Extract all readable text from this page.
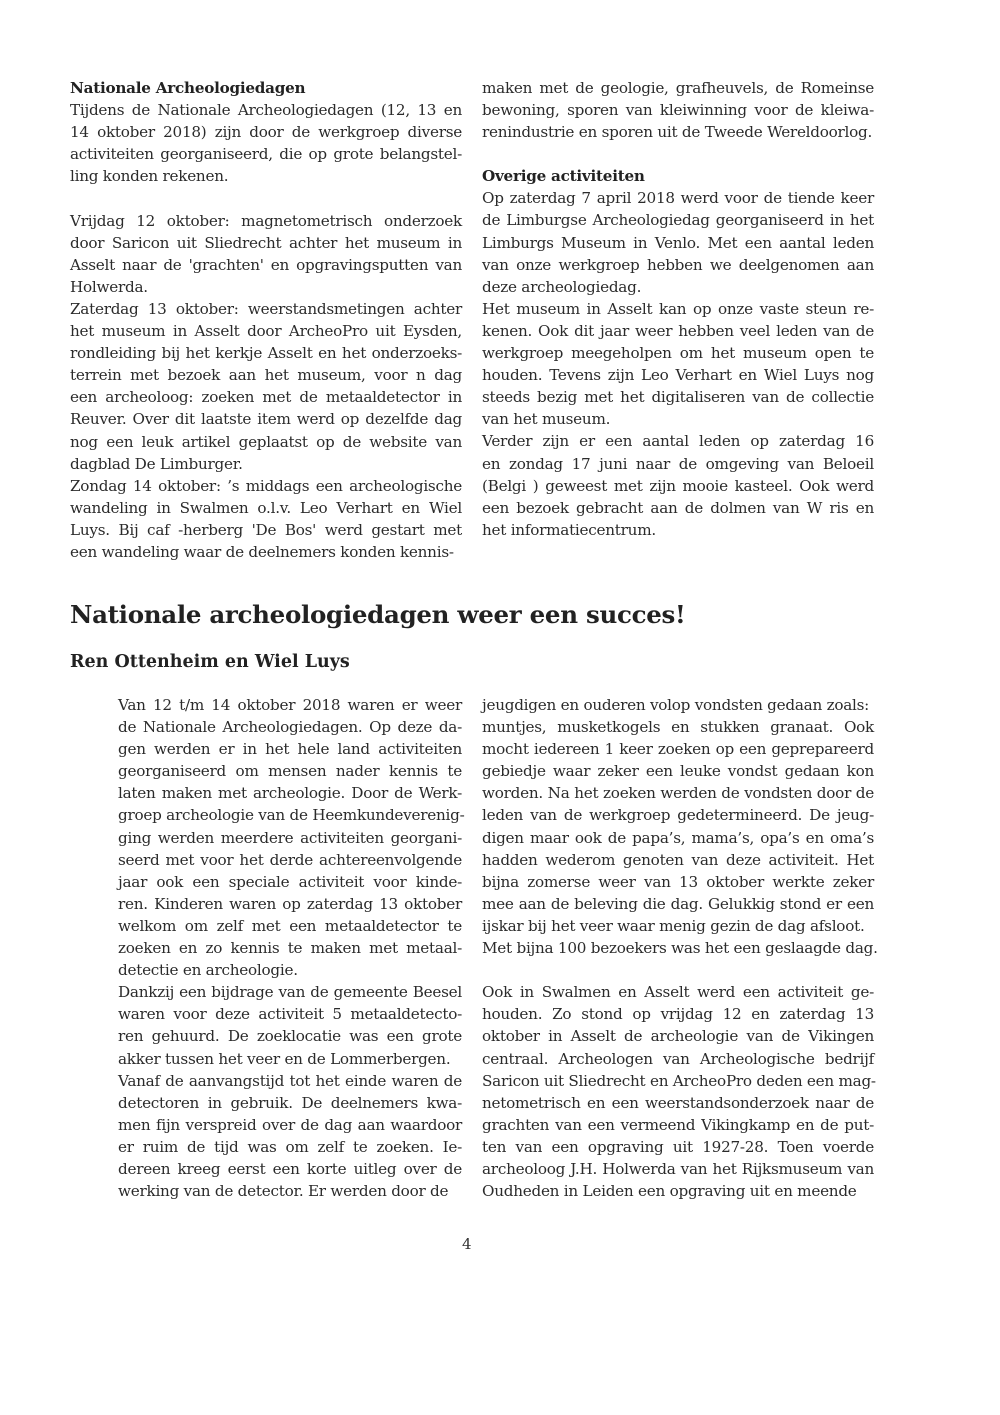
Nationale Archeologiedagen

Tijdens de Nationale Archeologiedagen (12, 13 en
14 oktober 2018) zijn door de werkgroep diverse
activiteiten georganiseerd, die op grote belangstel-
ling konden rekenen.

Vrijdag 12 oktober: magnetometrisch onderzoek
door Saricon uit Sliedrecht achter het museum in
Asselt naar de 'grachten' en opgravingsputten van
Holwerda.
Zaterdag 13 oktober: weerstandsmetingen achter
het museum in Asselt door ArcheoPro uit Eysden,
rondleiding bij het kerkje Asselt en het onderzoeks-
terrein met bezoek aan het museum, voor n dag
een archeoloog: zoeken met de metaaldetector in
Reuver. Over dit laatste item werd op dezelfde dag
nog een leuk artikel geplaatst op de website van
dagblad De Limburger.
Zondag 14 oktober: ’s middags een archeologische
wandeling in Swalmen o.l.v. Leo Verhart en Wiel
Luys. Bij caf -herberg 'De Bos' werd gestart met
een wandeling waar de deelnemers konden kennis-
maken met de geologie, grafheuvels, de Romeinse
bewoning, sporen van kleiwinning voor de kleiwa-
renindustrie en sporen uit de Tweede Wereldoorlog.

Overige activiteiten

Op zaterdag 7 april 2018 werd voor de tiende keer
de Limburgse Archeologiedag georganiseerd in het
Limburgs Museum in Venlo. Met een aantal leden
van onze werkgroep hebben we deelgenomen aan
deze archeologiedag.
Het museum in Asselt kan op onze vaste steun re-
kenen. Ook dit jaar weer hebben veel leden van de
werkgroep meegeholpen om het museum open te
houden. Tevens zijn Leo Verhart en Wiel Luys nog
steeds bezig met het digitaliseren van de collectie
van het museum.
Verder zijn er een aantal leden op zaterdag 16
en zondag 17 juni naar de omgeving van Beloeil
(Belgi ) geweest met zijn mooie kasteel. Ook werd
een bezoek gebracht aan de dolmen van W ris en
het informatiecentrum.
Nationale archeologiedagen weer een succes!
Ren Ottenheim en Wiel Luys
Van 12 t/m 14 oktober 2018 waren er weer
de Nationale Archeologiedagen. Op deze da-
gen werden er in het hele land activiteiten
georganiseerd om mensen nader kennis te
laten maken met archeologie. Door de Werk-
groep archeologie van de Heemkundeverenig-
ging werden meerdere activiteiten georgani-
seerd met voor het derde achtereenvolgende
jaar ook een speciale activiteit voor kinde-
ren. Kinderen waren op zaterdag 13 oktober
welkom om zelf met een metaaldetector te
zoeken en zo kennis te maken met metaal-
detectie en archeologie.
Dankzij een bijdrage van de gemeente Beesel
waren voor deze activiteit 5 metaaldetecto-
ren gehuurd. De zoeklocatie was een grote
akker tussen het veer en de Lommerbergen.
Vanaf de aanvangstijd tot het einde waren de
detectoren in gebruik. De deelnemers kwa-
men fijn verspreid over de dag aan waardoor
er ruim de tijd was om zelf te zoeken. Ie-
dereen kreeg eerst een korte uitleg over de
werking van de detector. Er werden door de
jeugdigen en ouderen volop vondsten gedaan zoals:
muntjes, musketkogels en stukken granaat. Ook
mocht iedereen 1 keer zoeken op een geprepareerd
gebiedje waar zeker een leuke vondst gedaan kon
worden. Na het zoeken werden de vondsten door de
leden van de werkgroep gedetermineerd. De jeug-
digen maar ook de papa’s, mama’s, opa’s en oma’s
hadden wederom genoten van deze activiteit. Het
bijna zomerse weer van 13 oktober werkte zeker
mee aan de beleving die dag. Gelukkig stond er een
ijskar bij het veer waar menig gezin de dag afsloot.
Met bijna 100 bezoekers was het een geslaagde dag.

Ook in Swalmen en Asselt werd een activiteit ge-
houden. Zo stond op vrijdag 12 en zaterdag 13
oktober in Asselt de archeologie van de Vikingen
centraal. Archeologen van Archeologische bedrijf
Saricon uit Sliedrecht en ArcheoPro deden een mag-
netometrisch en een weerstandsonderzoek naar de
grachten van een vermeend Vikingkamp en de put-
ten van een opgraving uit 1927-28. Toen voerde
archeoloog J.H. Holwerda van het Rijksmuseum van
Oudheden in Leiden een opgraving uit en meende
4
